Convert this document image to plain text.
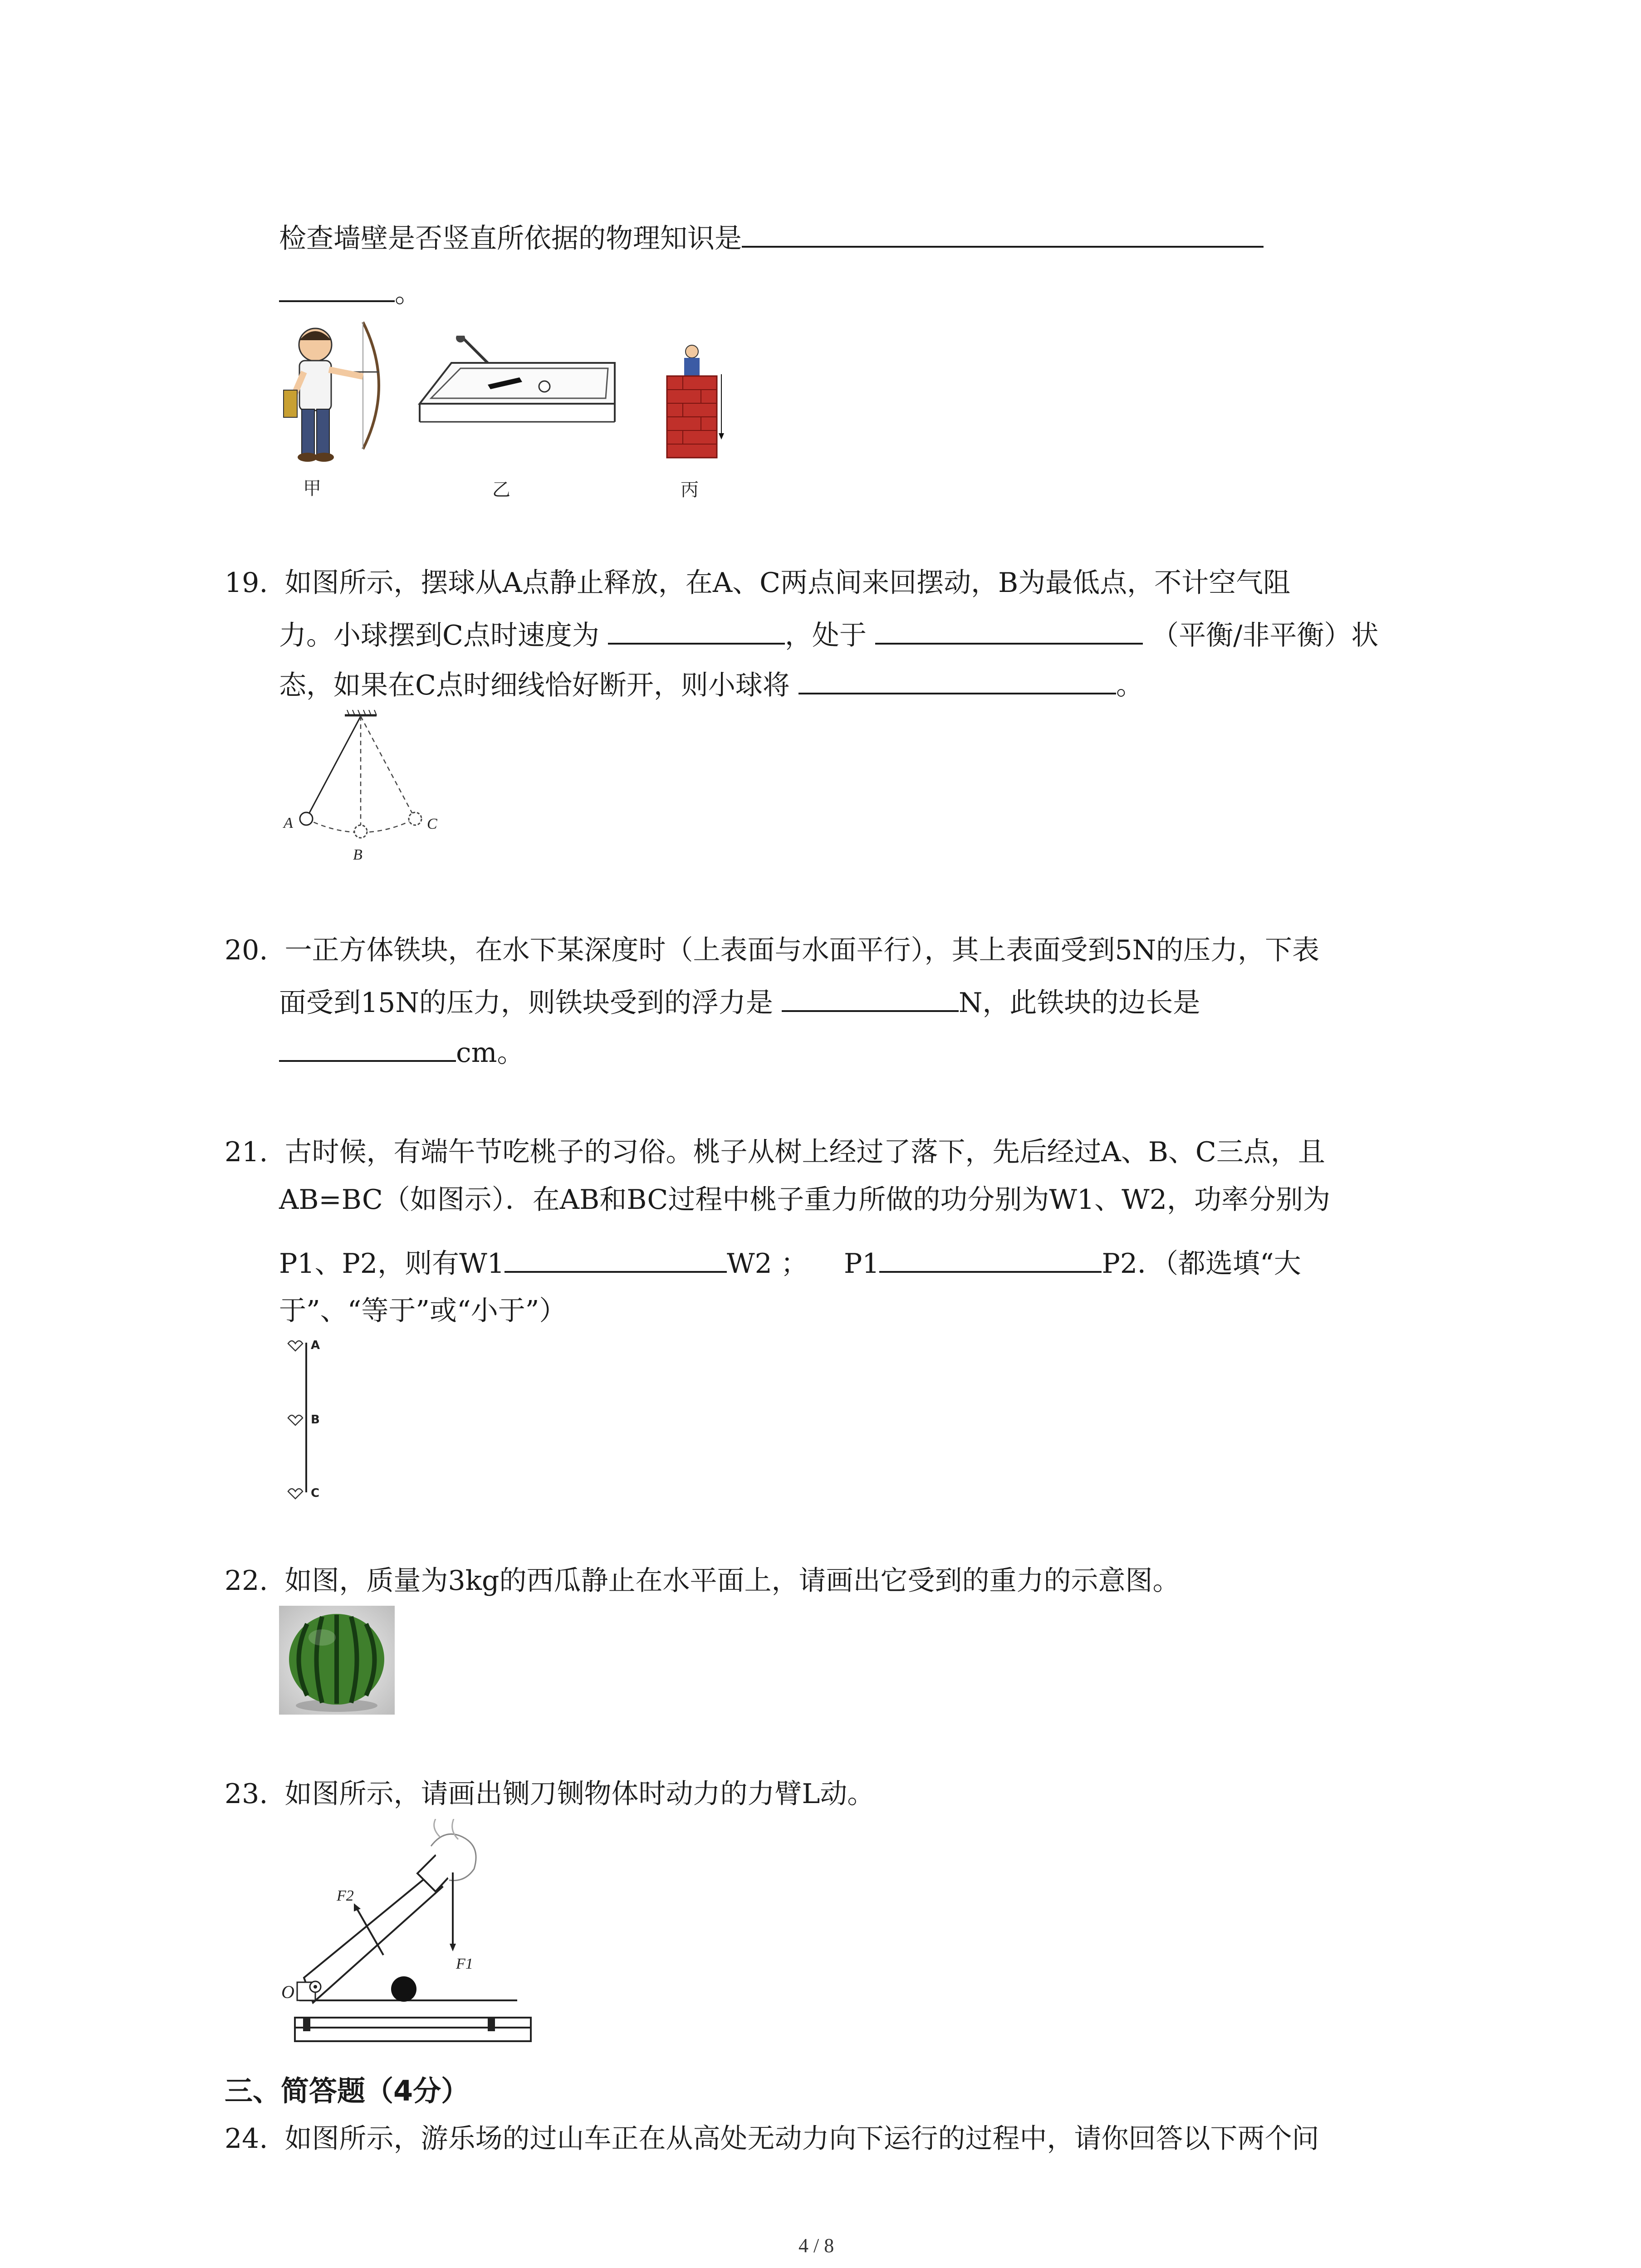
检查墙壁是否竖直所依据的物理知识是
。
甲	乙	丙
19. 如图所示，摆球从A点静止释放，在A、C两点间来回摆动，B为最低点，不计空气阻
力。小球摆到C点时速度为	，处于	（平衡/非平衡）状
态，如果在C点时细线恰好断开，则小球将	。
A
B
C
20. 一正方体铁块，在水下某深度时（上表面与水面平行），其上表面受到5N的压力，下表
面受到15N的压力，则铁块受到的浮力是	N，此铁块的边长是
cm。
21. 古时候，有端午节吃桃子的习俗。桃子从树上经过了落下，先后经过A、B、C三点，且
AB=BC（如图示）．在AB和BC过程中桃子重力所做的功分别为W1、W2，功率分别为
P1、P2，则有W1	W2 ； P1	P2．（都选填“大
于”、“等于”或“小于”）
A
B
C
22. 如图，质量为3kg的西瓜静止在水平面上，请画出它受到的重力的示意图。
23. 如图所示，请画出铡刀铡物体时动力的力臂L动。
F2
F1
O
三、简答题（4分）
24. 如图所示，游乐场的过山车正在从高处无动力向下运行的过程中，请你回答以下两个问
4 / 8
